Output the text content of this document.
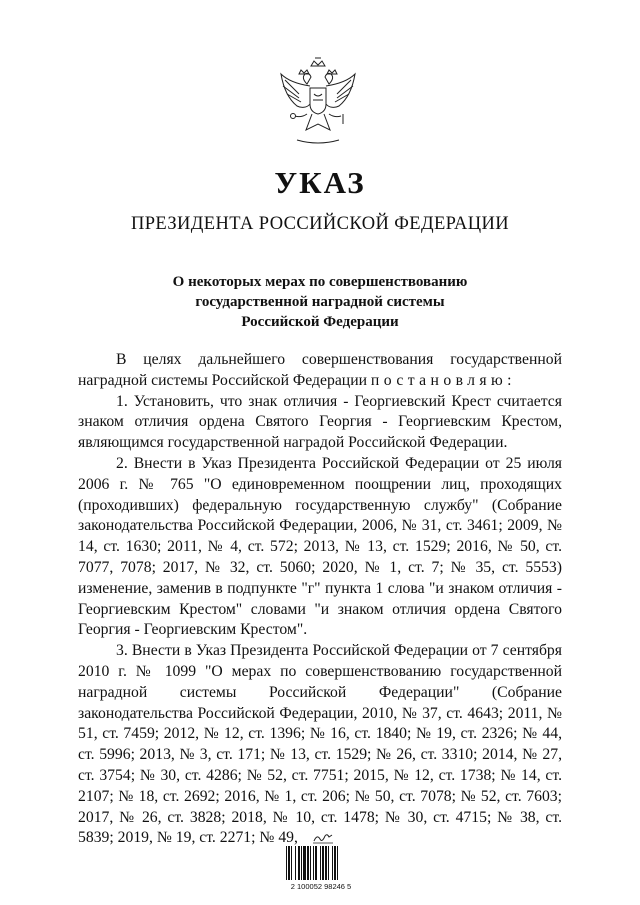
УКАЗ
ПРЕЗИДЕНТА РОССИЙСКОЙ ФЕДЕРАЦИИ
О некоторых мерах по совершенствованию
государственной наградной системы
Российской Федерации

В целях дальнейшего совершенствования государственной наградной системы Российской Федерации постановляю:

1. Установить, что знак отличия - Георгиевский Крест считается знаком отличия ордена Святого Георгия - Георгиевским Крестом, являющимся государственной наградой Российской Федерации.

2. Внести в Указ Президента Российской Федерации от 25 июля 2006 г. № 765 "О единовременном поощрении лиц, проходящих (проходивших) федеральную государственную службу" (Собрание законодательства Российской Федерации, 2006, № 31, ст. 3461; 2009, № 14, ст. 1630; 2011, № 4, ст. 572; 2013, № 13, ст. 1529; 2016, № 50, ст. 7077, 7078; 2017, № 32, ст. 5060; 2020, № 1, ст. 7; № 35, ст. 5553) изменение, заменив в подпункте "г" пункта 1 слова "и знаком отличия - Георгиевским Крестом" словами "и знаком отличия ордена Святого Георгия - Георгиевским Крестом".

3. Внести в Указ Президента Российской Федерации от 7 сентября 2010 г. № 1099 "О мерах по совершенствованию государственной наградной системы Российской Федерации" (Собрание законодательства Российской Федерации, 2010, № 37, ст. 4643; 2011, № 51, ст. 7459; 2012, № 12, ст. 1396; № 16, ст. 1840; № 19, ст. 2326; № 44, ст. 5996; 2013, № 3, ст. 171; № 13, ст. 1529; № 26, ст. 3310; 2014, № 27, ст. 3754; № 30, ст. 4286; № 52, ст. 7751; 2015, № 12, ст. 1738; № 14, ст. 2107; № 18, ст. 2692; 2016, № 1, ст. 206; № 50, ст. 7078; № 52, ст. 7603; 2017, № 26, ст. 3828; 2018, № 10, ст. 1478; № 30, ст. 4715; № 38, ст. 5839; 2019, № 19, ст. 2271; № 49,

2 100052 98246 5
